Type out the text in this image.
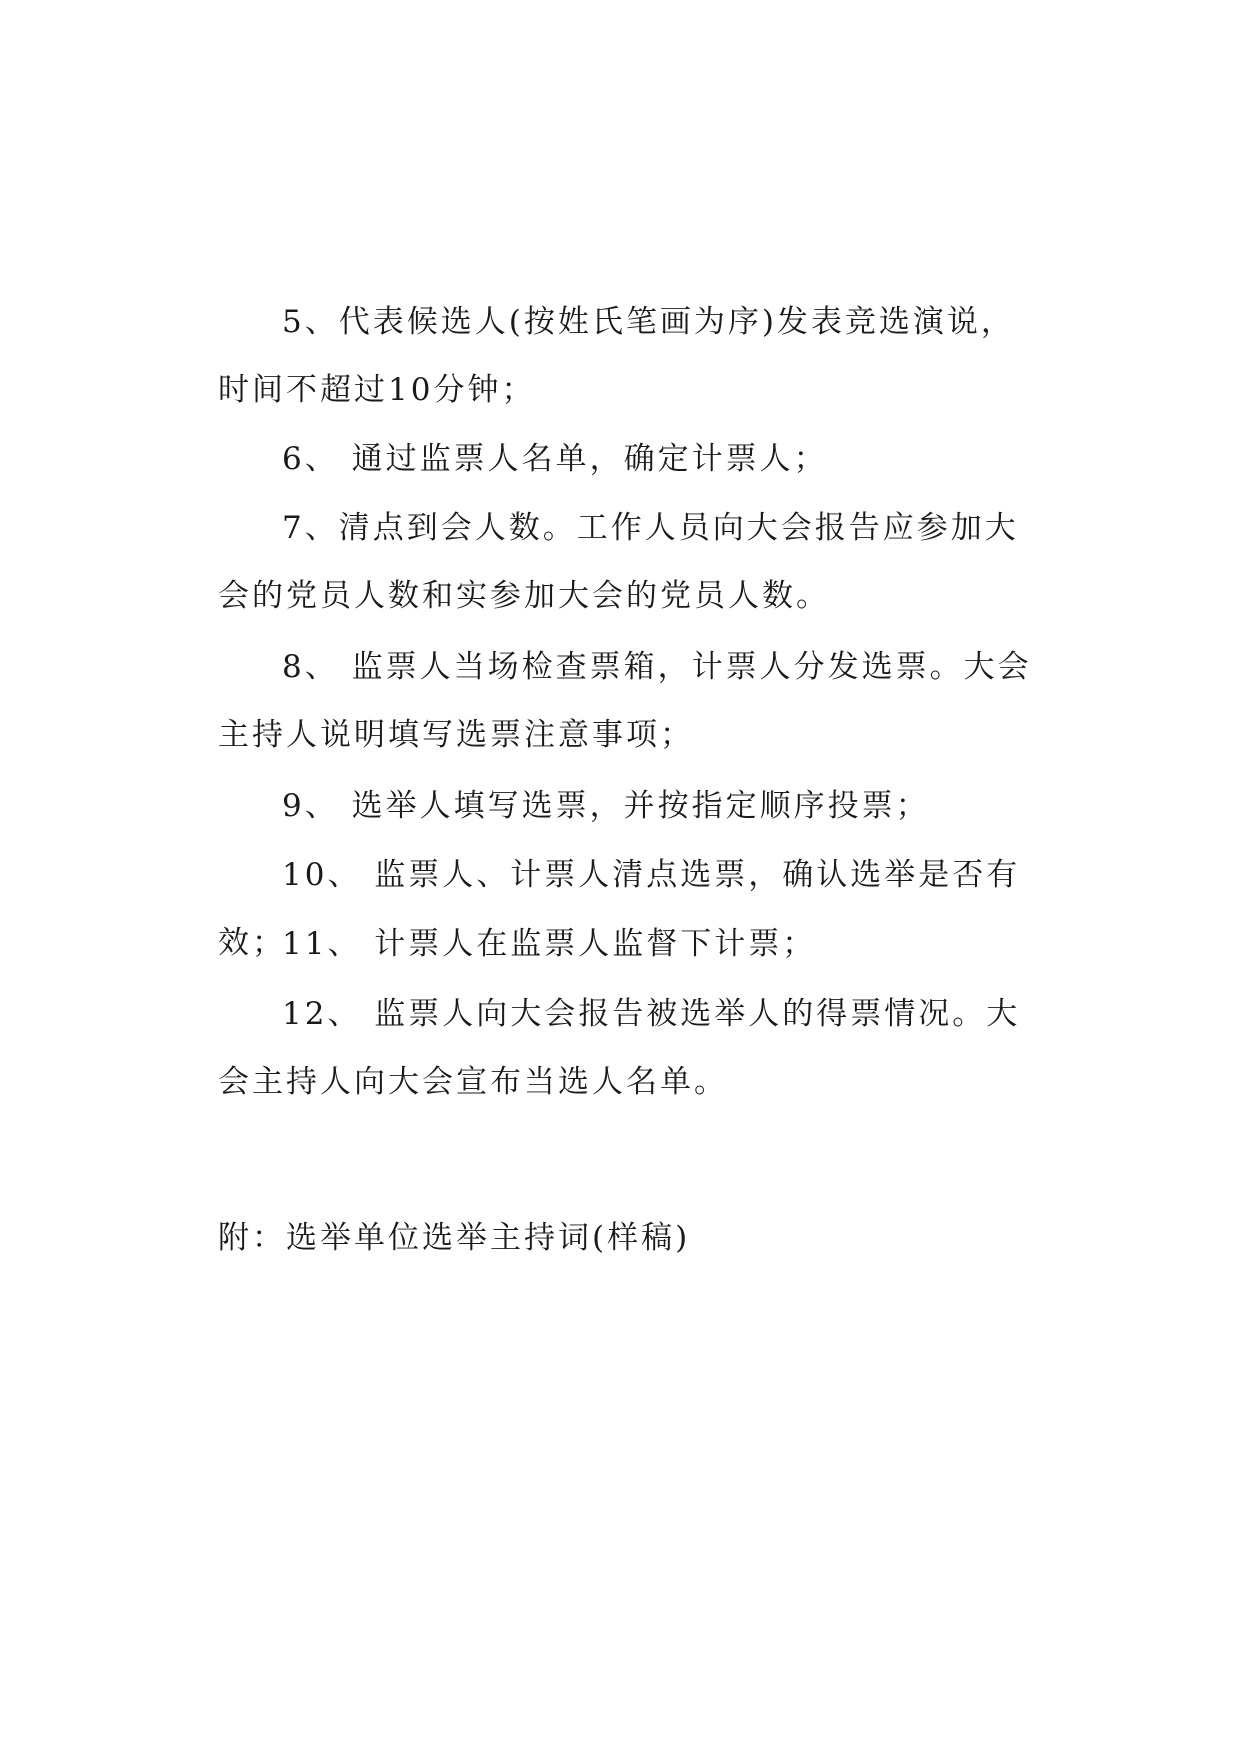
5、代表候选人(按姓氏笔画为序)发表竞选演说，时间不超过10分钟；

6、 通过监票人名单，确定计票人；

7、清点到会人数。工作人员向大会报告应参加大会的党员人数和实参加大会的党员人数。

8、 监票人当场检查票箱，计票人分发选票。大会主持人说明填写选票注意事项；

9、 选举人填写选票，并按指定顺序投票；

10、 监票人、计票人清点选票，确认选举是否有效；

11、 计票人在监票人监督下计票；

12、 监票人向大会报告被选举人的得票情况。大会主持人向大会宣布当选人名单。

附：选举单位选举主持词(样稿)
